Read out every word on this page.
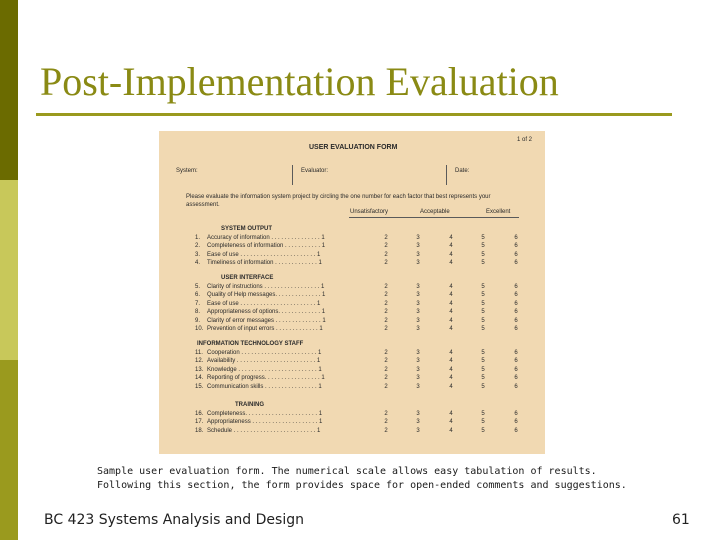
Post-Implementation Evaluation
USER EVALUATION FORM
1 of 2
System:	Evaluator:	Date:
Please evaluate the information system project by circling the one number for each factor that best represents your assessment.
Unsatisfactory	Acceptable	Excellent
SYSTEM OUTPUT
1. Accuracy of information . . . . . . . . . . . . . . . 1	2	3	4	5	6
2. Completeness of information . . . . . . . . . . . 1	2	3	4	5	6
3. Ease of use . . . . . . . . . . . . . . . . . . . . . . . 1	2	3	4	5	6
4. Timeliness of information . . . . . . . . . . . . . 1	2	3	4	5	6
USER INTERFACE
5. Clarity of instructions . . . . . . . . . . . . . . . . . 1	2	3	4	5	6
6. Quality of Help messages. . . . . . . . . . . . . . 1	2	3	4	5	6
7. Ease of use . . . . . . . . . . . . . . . . . . . . . . . 1	2	3	4	5	6
8. Appropriateness of options. . . . . . . . . . . . . 1	2	3	4	5	6
9. Clarity of error messages . . . . . . . . . . . . . . 1	2	3	4	5	6
10. Prevention of input errors . . . . . . . . . . . . . 1	2	3	4	5	6
INFORMATION TECHNOLOGY STAFF
11. Cooperation . . . . . . . . . . . . . . . . . . . . . . . 1	2	3	4	5	6
12. Availability . . . . . . . . . . . . . . . . . . . . . . . . 1	2	3	4	5	6
13. Knowledge . . . . . . . . . . . . . . . . . . . . . . . . 1	2	3	4	5	6
14. Reporting of progress. . . . . . . . . . . . . . . . . 1	2	3	4	5	6
15. Communication skills . . . . . . . . . . . . . . . . 1	2	3	4	5	6
TRAINING
16. Completeness. . . . . . . . . . . . . . . . . . . . . . 1	2	3	4	5	6
17. Appropriateness . . . . . . . . . . . . . . . . . . . . 1	2	3	4	5	6
18. Schedule . . . . . . . . . . . . . . . . . . . . . . . . . 1	2	3	4	5	6
Sample user evaluation form. The numerical scale allows easy tabulation of results.
Following this section, the form provides space for open-ended comments and suggestions.
BC 423 Systems Analysis and Design	61
